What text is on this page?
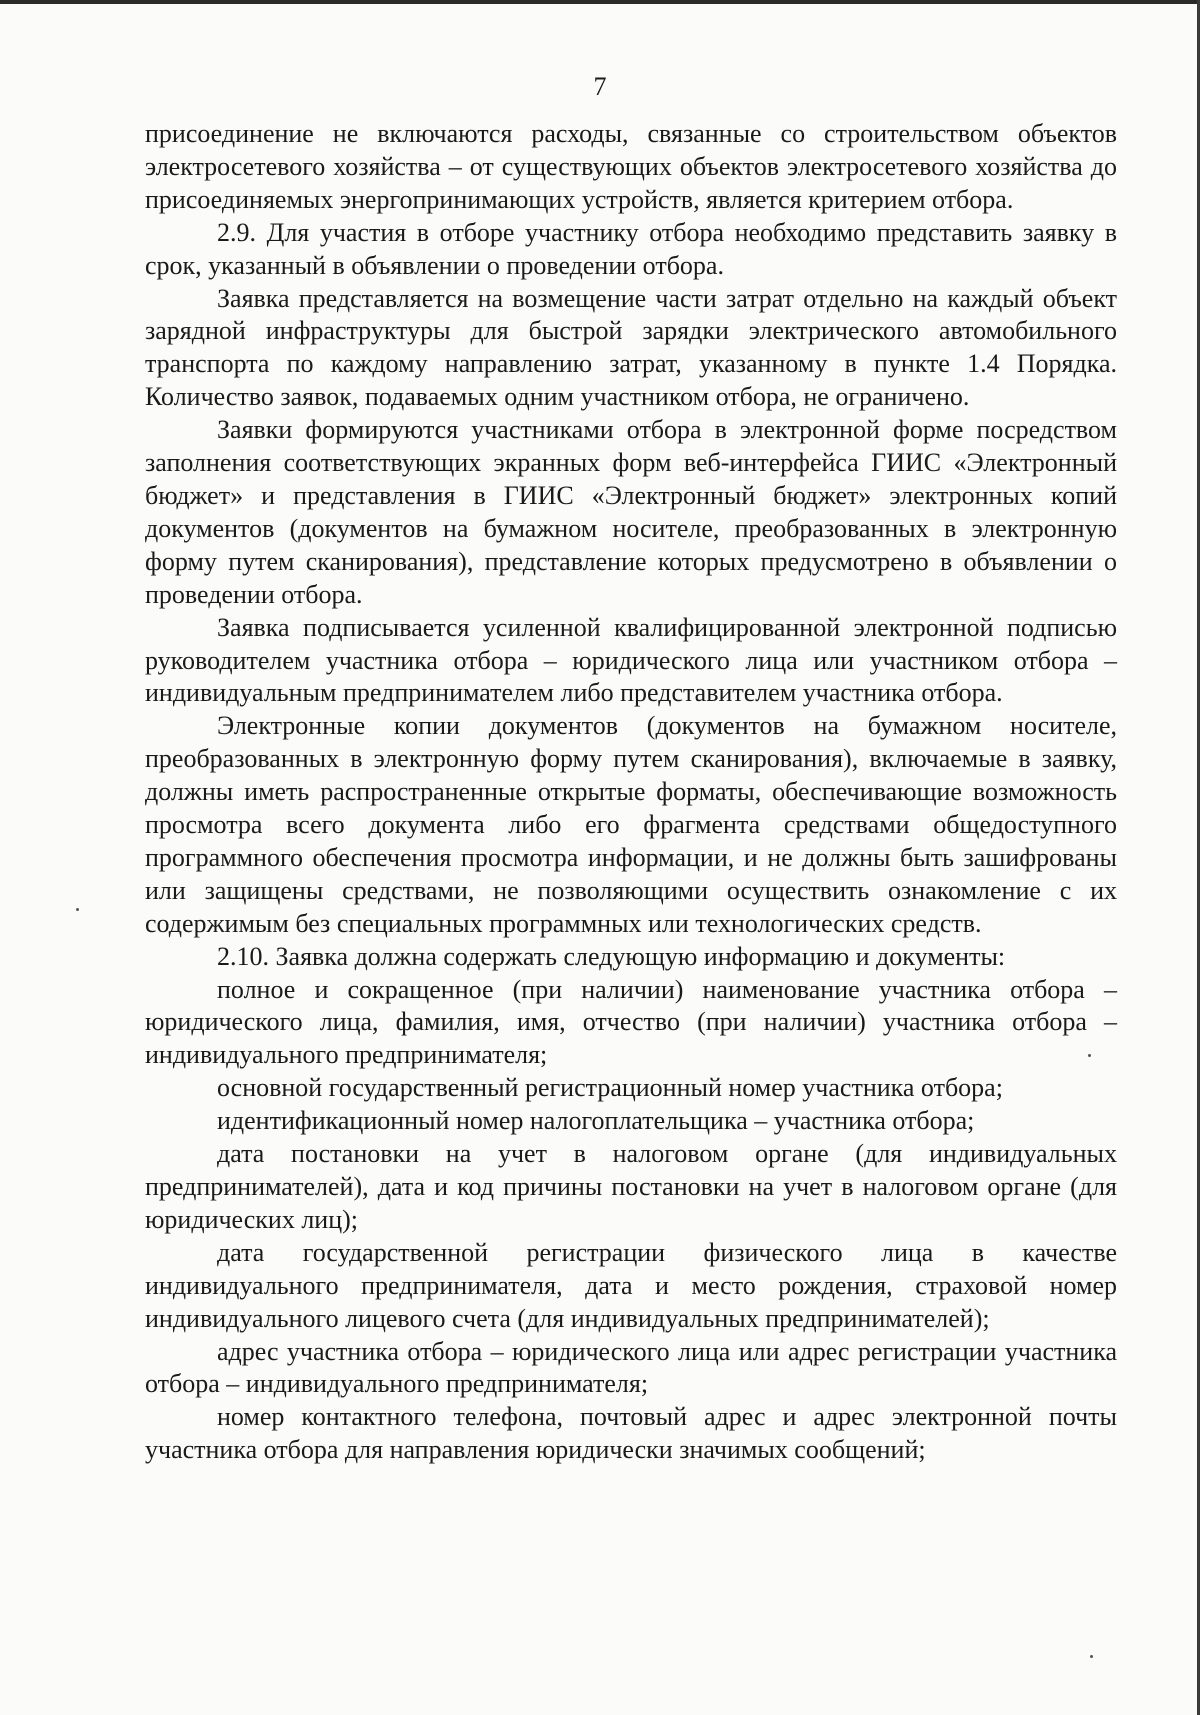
7

присоединение не включаются расходы, связанные со строительством объектов электросетевого хозяйства – от существующих объектов электросетевого хозяйства до присоединяемых энергопринимающих устройств, является критерием отбора.

2.9. Для участия в отборе участнику отбора необходимо представить заявку в срок, указанный в объявлении о проведении отбора.

Заявка представляется на возмещение части затрат отдельно на каждый объект зарядной инфраструктуры для быстрой зарядки электрического автомобильного транспорта по каждому направлению затрат, указанному в пункте 1.4 Порядка. Количество заявок, подаваемых одним участником отбора, не ограничено.

Заявки формируются участниками отбора в электронной форме посредством заполнения соответствующих экранных форм веб-интерфейса ГИИС «Электронный бюджет» и представления в ГИИС «Электронный бюджет» электронных копий документов (документов на бумажном носителе, преобразованных в электронную форму путем сканирования), представление которых предусмотрено в объявлении о проведении отбора.

Заявка подписывается усиленной квалифицированной электронной подписью руководителем участника отбора – юридического лица или участником отбора – индивидуальным предпринимателем либо представителем участника отбора.

Электронные копии документов (документов на бумажном носителе, преобразованных в электронную форму путем сканирования), включаемые в заявку, должны иметь распространенные открытые форматы, обеспечивающие возможность просмотра всего документа либо его фрагмента средствами общедоступного программного обеспечения просмотра информации, и не должны быть зашифрованы или защищены средствами, не позволяющими осуществить ознакомление с их содержимым без специальных программных или технологических средств.

2.10. Заявка должна содержать следующую информацию и документы:

полное и сокращенное (при наличии) наименование участника отбора – юридического лица, фамилия, имя, отчество (при наличии) участника отбора – индивидуального предпринимателя;

основной государственный регистрационный номер участника отбора;

идентификационный номер налогоплательщика – участника отбора;

дата постановки на учет в налоговом органе (для индивидуальных предпринимателей), дата и код причины постановки на учет в налоговом органе (для юридических лиц);

дата государственной регистрации физического лица в качестве индивидуального предпринимателя, дата и место рождения, страховой номер индивидуального лицевого счета (для индивидуальных предпринимателей);

адрес участника отбора – юридического лица или адрес регистрации участника отбора – индивидуального предпринимателя;

номер контактного телефона, почтовый адрес и адрес электронной почты участника отбора для направления юридически значимых сообщений;
